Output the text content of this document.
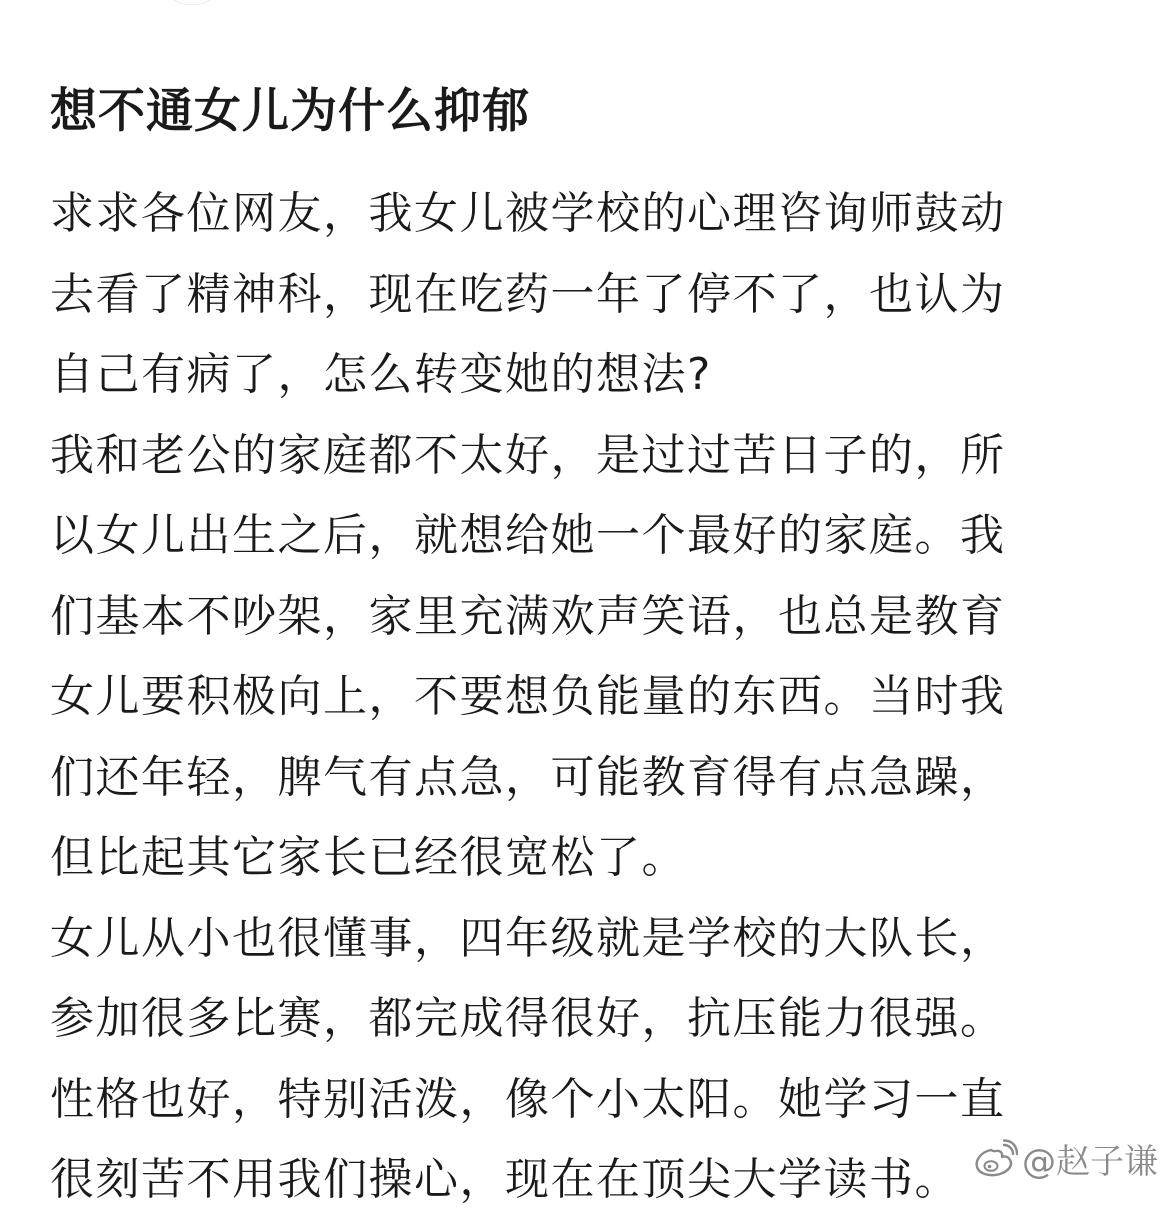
想不通女儿为什么抑郁

求求各位网友，我女儿被学校的心理咨询师鼓动

去看了精神科，现在吃药一年了停不了，也认为

自己有病了，怎么转变她的想法?

我和老公的家庭都不太好，是过过苦日子的，所

以女儿出生之后，就想给她一个最好的家庭。我

们基本不吵架，家里充满欢声笑语，也总是教育

女儿要积极向上，不要想负能量的东西。当时我

们还年轻，脾气有点急，可能教育得有点急躁，

但比起其它家长已经很宽松了。

女儿从小也很懂事，四年级就是学校的大队长，

参加很多比赛，都完成得很好，抗压能力很强。

性格也好，特别活泼，像个小太阳。她学习一直

很刻苦不用我们操心，现在在顶尖大学读书。	@赵子谦
